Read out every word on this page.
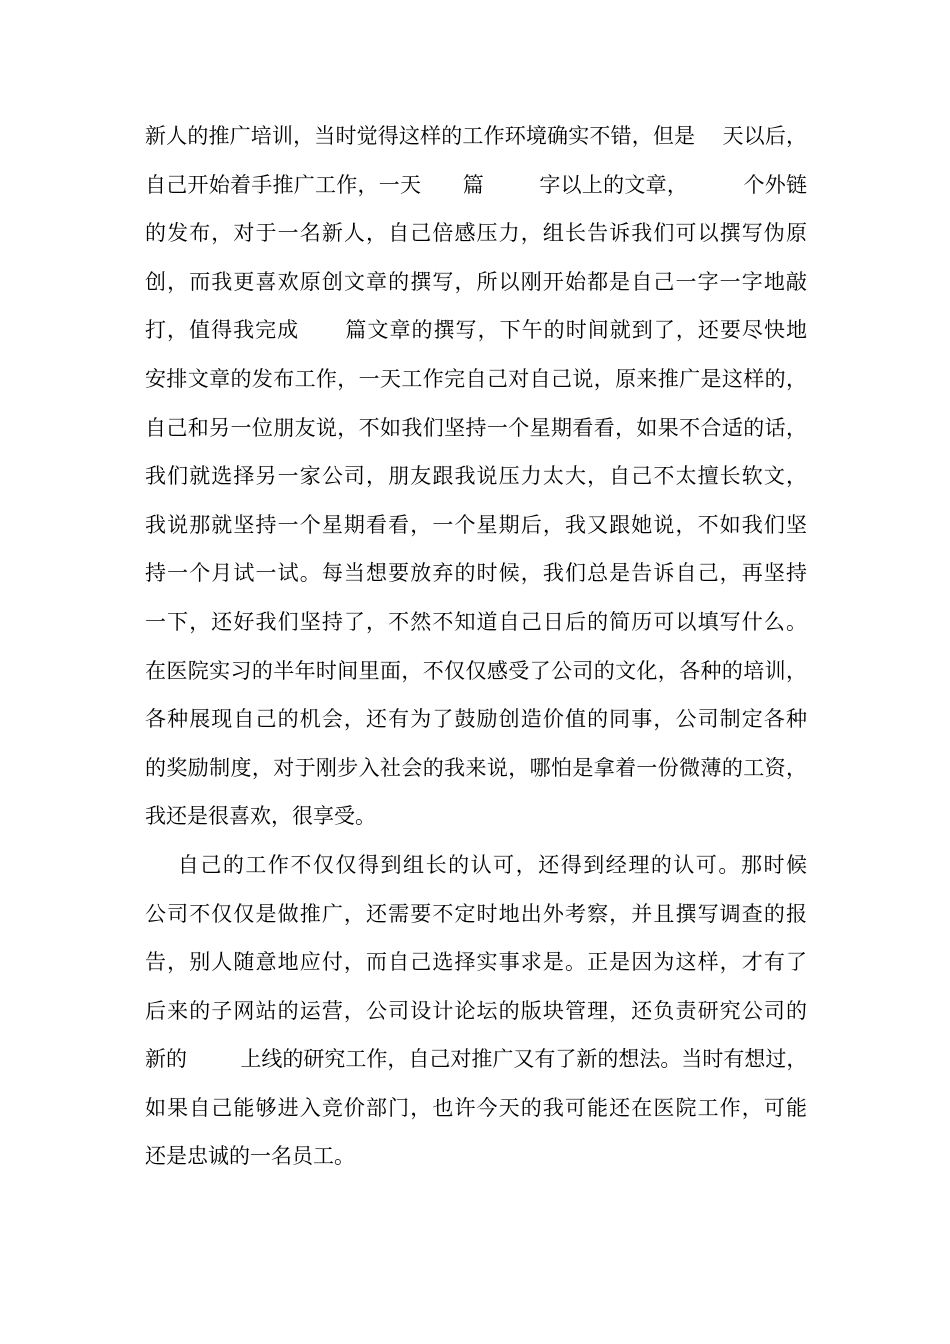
新人的推广培训，当时觉得这样的工作环境确实不错，但是    天以后，
自己开始着手推广工作，一天      篇        字以上的文章，        个外链
的发布，对于一名新人，自己倍感压力，组长告诉我们可以撰写伪原
创，而我更喜欢原创文章的撰写，所以刚开始都是自己一字一字地敲
打，值得我完成      篇文章的撰写，下午的时间就到了，还要尽快地
安排文章的发布工作，一天工作完自己对自己说，原来推广是这样的，
自己和另一位朋友说，不如我们坚持一个星期看看，如果不合适的话，
我们就选择另一家公司，朋友跟我说压力太大，自己不太擅长软文，
我说那就坚持一个星期看看，一个星期后，我又跟她说，不如我们坚
持一个月试一试。每当想要放弃的时候，我们总是告诉自己，再坚持
一下，还好我们坚持了，不然不知道自己日后的简历可以填写什么。
在医院实习的半年时间里面，不仅仅感受了公司的文化，各种的培训，
各种展现自己的机会，还有为了鼓励创造价值的同事，公司制定各种
的奖励制度，对于刚步入社会的我来说，哪怕是拿着一份微薄的工资，
我还是很喜欢，很享受。
自己的工作不仅仅得到组长的认可，还得到经理的认可。那时候
公司不仅仅是做推广，还需要不定时地出外考察，并且撰写调查的报
告，别人随意地应付，而自己选择实事求是。正是因为这样，才有了
后来的子网站的运营，公司设计论坛的版块管理，还负责研究公司的
新的        上线的研究工作，自己对推广又有了新的想法。当时有想过，
如果自己能够进入竞价部门，也许今天的我可能还在医院工作，可能
还是忠诚的一名员工。
